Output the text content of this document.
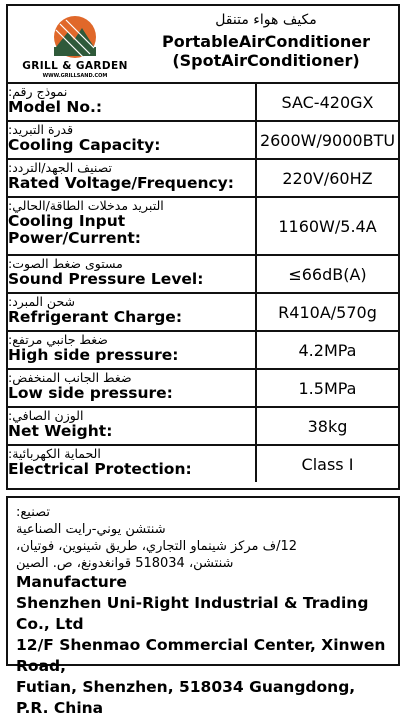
GRILL & GARDEN
WWW.GRILLSAND.COM
مكيف هواء متنقل
PortableAirConditioner
(SpotAirConditioner)
نموذج رقم:
Model No.:	SAC-420GX

قدرة التبريد:
Cooling Capacity:	2600W/9000BTU

تصنيف الجهد/التردد:
Rated Voltage/Frequency:	220V/60HZ

التبريد مدخلات الطاقة/الحالي:
Cooling Input
Power/Current:	1160W/5.4A

مستوى ضغط الصوت:
Sound Pressure Level:	≤66dB(A)

شحن المبرد:
Refrigerant Charge:	R410A/570g

ضغط جانبي مرتفع:
High side pressure:	4.2MPa

ضغط الجانب المنخفض:
Low side pressure:	1.5MPa

الوزن الصافي:
Net Weight:	38kg

الحماية الكهربائية:
Electrical Protection:	Class I
تصنيع:
شنتشن يوني-رايت الصناعية
12/ف مركز شينماو التجاري، طريق شينوين، فوتيان،
شنتشن، 518034 قوانغدونغ، ص. الصين
Manufacture
Shenzhen Uni-Right Industrial & Trading Co., Ltd
12/F Shenmao Commercial Center, Xinwen Road,
Futian, Shenzhen, 518034 Guangdong, P.R. China
